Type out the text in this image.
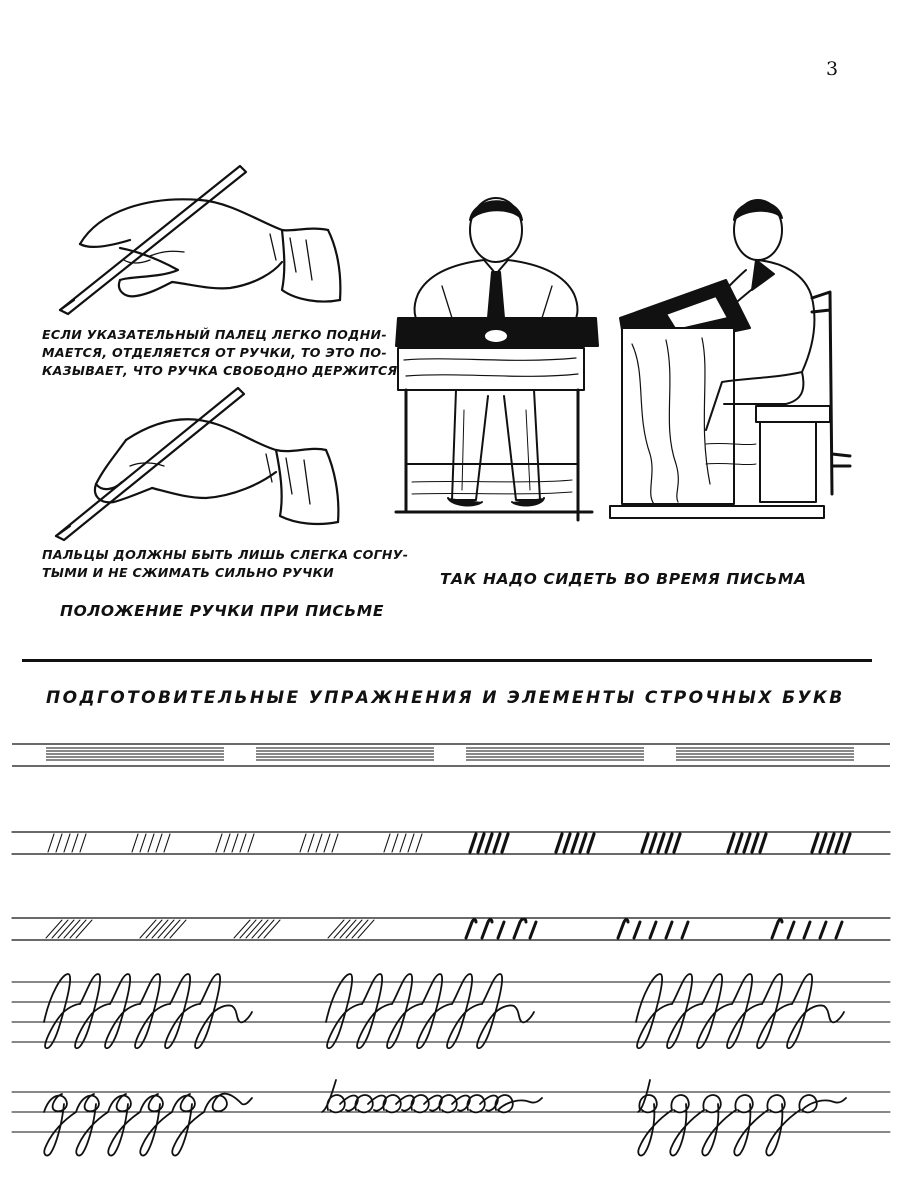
3
ЕСЛИ УКАЗАТЕЛЬНЫЙ ПАЛЕЦ ЛЕГКО ПОДНИ-
МАЕТСЯ, ОТДЕЛЯЕТСЯ ОТ РУЧКИ, ТО ЭТО ПО-
КАЗЫВАЕТ, ЧТО РУЧКА СВОБОДНО ДЕРЖИТСЯ
ПАЛЬЦЫ ДОЛЖНЫ БЫТЬ ЛИШЬ СЛЕГКА СОГНУ-
ТЫМИ И НЕ СЖИМАТЬ СИЛЬНО РУЧКИ
ПОЛОЖЕНИЕ РУЧКИ ПРИ ПИСЬМЕ
ТАК НАДО СИДЕТЬ ВО ВРЕМЯ ПИСЬМА
ПОДГОТОВИТЕЛЬНЫЕ УПРАЖНЕНИЯ И ЭЛЕМЕНТЫ СТРОЧНЫХ БУКВ
